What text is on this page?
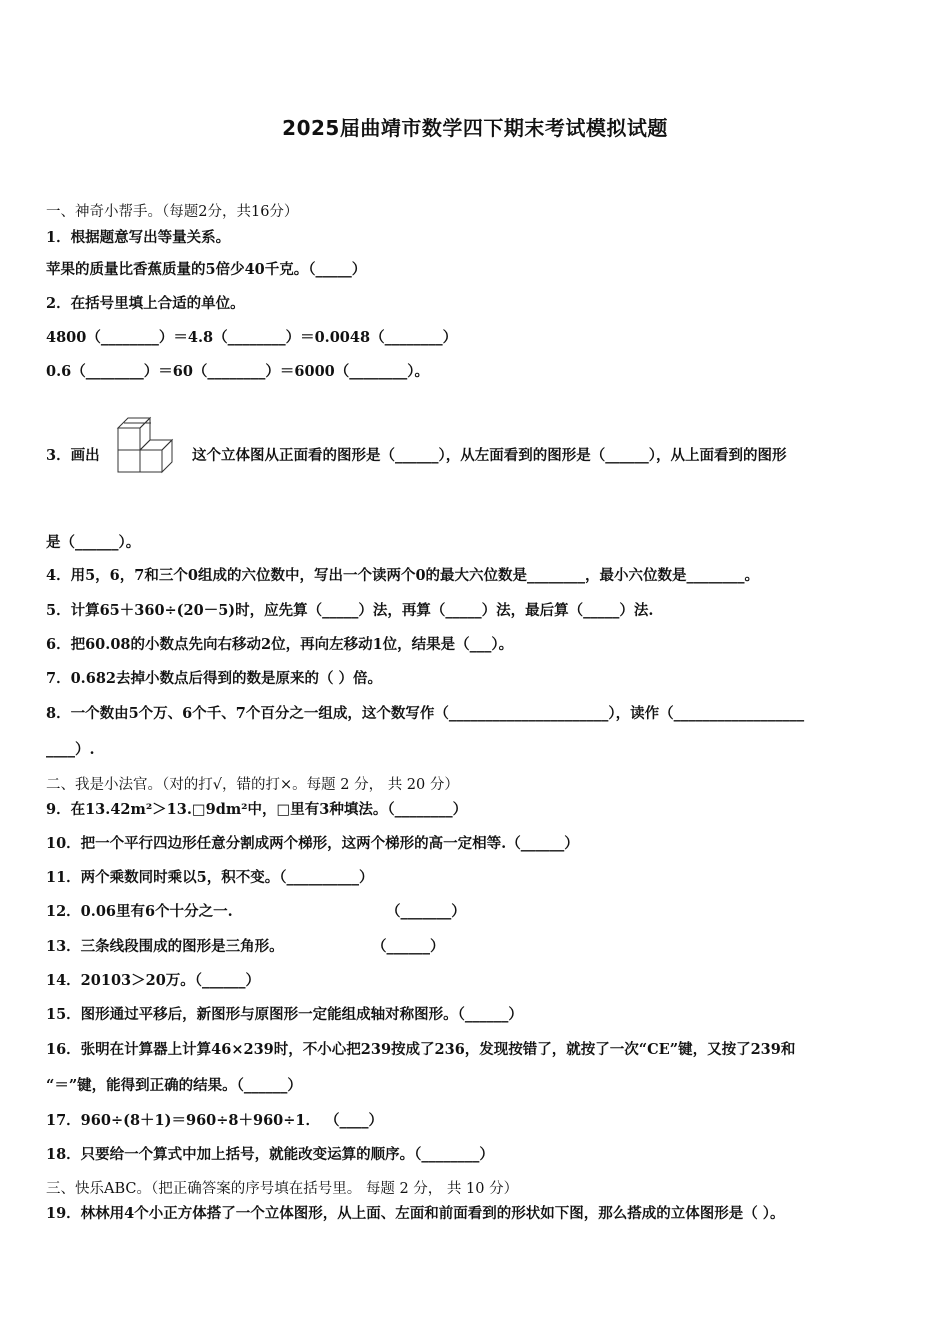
2025届曲靖市数学四下期末考试模拟试题
一、神奇小帮手。（每题2分，共16分）
1．根据题意写出等量关系。
苹果的质量比香蕉质量的5倍少40千克。（_____）
2．在括号里填上合适的单位。
4800（________）＝4.8（________）＝0.0048（________）
0.6（________）＝60（________）＝6000（________）。
3．画出	这个立体图从正面看的图形是（______），从左面看到的图形是（______），从上面看到的图形
是（______）。
4．用5，6，7和三个0组成的六位数中，写出一个读两个0的最大六位数是________，最小六位数是________。
5．计算65＋360÷(20－5)时，应先算（_____）法，再算（_____）法，最后算（_____）法.
6．把60.08的小数点先向右移动2位，再向左移动1位，结果是（___）。
7．0.682去掉小数点后得到的数是原来的（ ）倍。
8．一个数由5个万、6个千、7个百分之一组成，这个数写作（______________________），读作（__________________
____）.
二、我是小法官。（对的打√，错的打×。每题 2 分， 共 20 分）
9．在13.42m²＞13.□9dm²中，□里有3种填法。（________）
10．把一个平行四边形任意分割成两个梯形，这两个梯形的高一定相等.（______）
11．两个乘数同时乘以5，积不变。（__________）
12．0.06里有6个十分之一.	（_______）
13．三条线段围成的图形是三角形。	（______）
14．20103＞20万。（______）
15．图形通过平移后，新图形与原图形一定能组成轴对称图形。（______）
16．张明在计算器上计算46×239时，不小心把239按成了236，发现按错了，就按了一次“CE”键，又按了239和
“＝”键，能得到正确的结果。（______）
17．960÷(8＋1)＝960÷8＋960÷1． （____）
18．只要给一个算式中加上括号，就能改变运算的顺序。（________）
三、快乐ABC。（把正确答案的序号填在括号里。 每题 2 分， 共 10 分）
19．林林用4个小正方体搭了一个立体图形，从上面、左面和前面看到的形状如下图，那么搭成的立体图形是（ ）。
